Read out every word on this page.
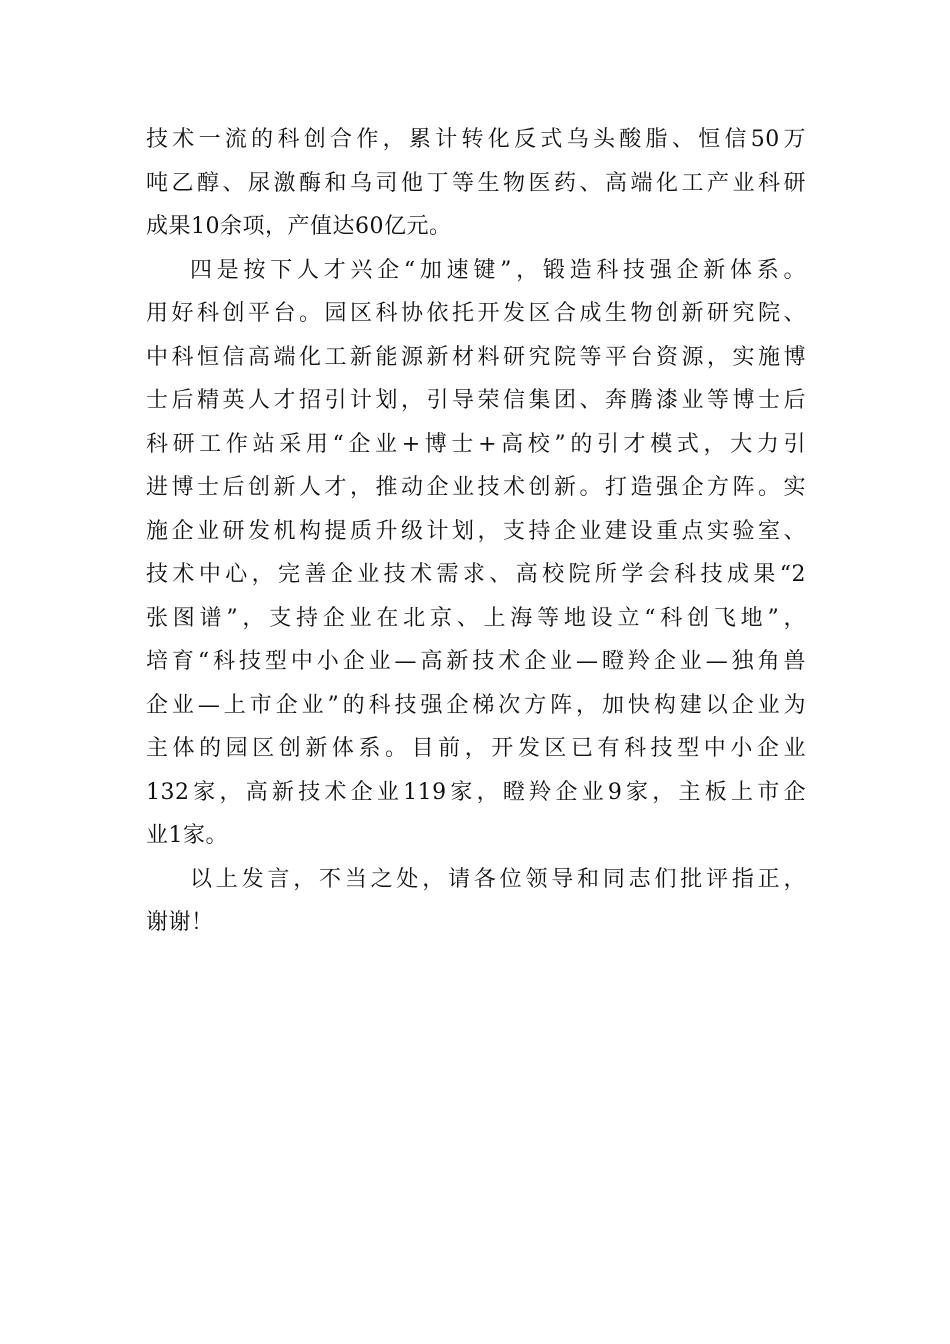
技术一流的科创合作，累计转化反式乌头酸脂、恒信50万
吨乙醇、尿激酶和乌司他丁等生物医药、高端化工产业科研
成果10余项，产值达60亿元。

四是按下人才兴企“加速键”，锻造科技强企新体系。
用好科创平台。园区科协依托开发区合成生物创新研究院、
中科恒信高端化工新能源新材料研究院等平台资源，实施博
士后精英人才招引计划，引导荣信集团、奔腾漆业等博士后
科研工作站采用“企业+博士+高校”的引才模式，大力引
进博士后创新人才，推动企业技术创新。打造强企方阵。实
施企业研发机构提质升级计划，支持企业建设重点实验室、
技术中心，完善企业技术需求、高校院所学会科技成果“2
张图谱”，支持企业在北京、上海等地设立“科创飞地”，
培育“科技型中小企业—高新技术企业—瞪羚企业—独角兽
企业—上市企业”的科技强企梯次方阵，加快构建以企业为
主体的园区创新体系。目前，开发区已有科技型中小企业
132家，高新技术企业119家，瞪羚企业9家，主板上市企
业1家。

以上发言，不当之处，请各位领导和同志们批评指正，
谢谢！
